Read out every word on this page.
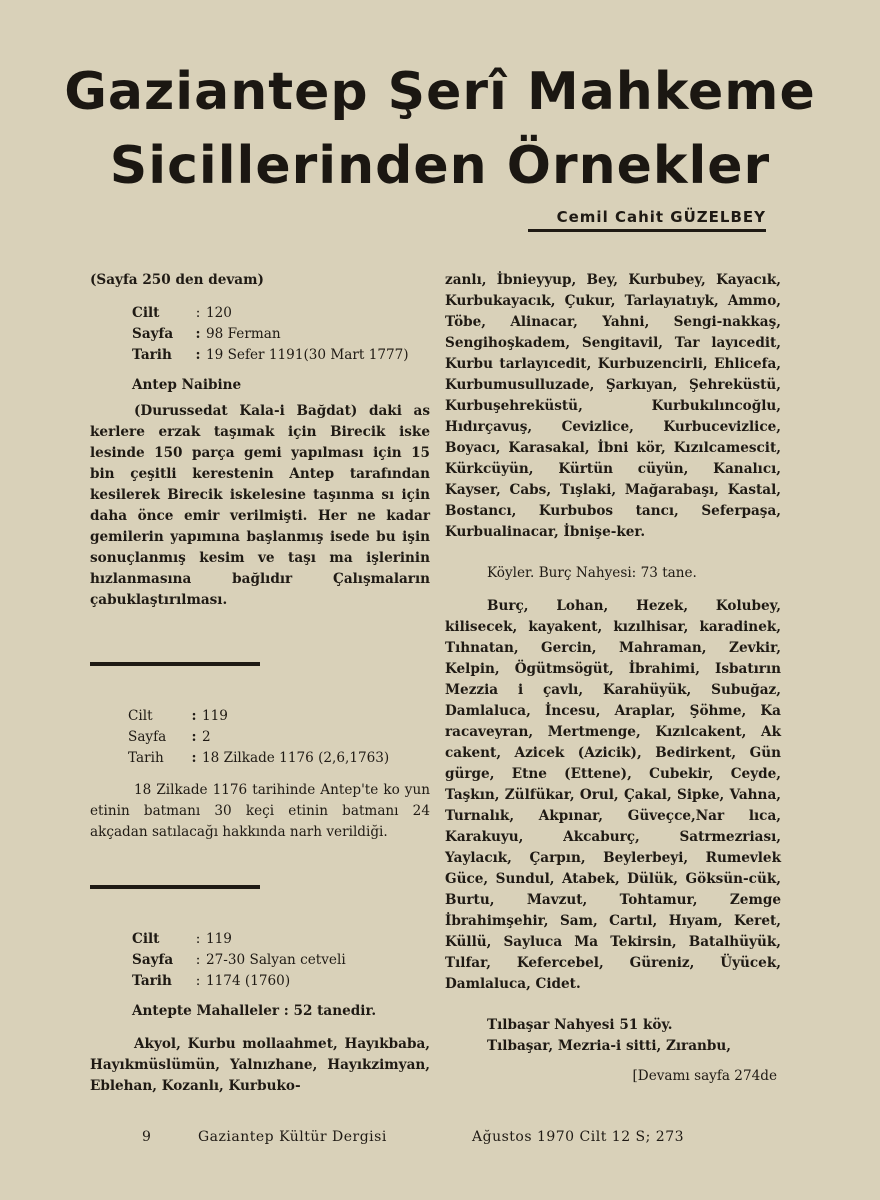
Gaziantep Şerî Mahkeme
Sicillerinden Örnekler
Cemil Cahit GÜZELBEY

(Sayfa 250 den devam)

Cilt	: 120
Sayfa	: 98 Ferman
Tarih	: 19 Sefer 1191(30 Mart 1777)

Antep Naibine

(Durussedat Kala-i Bağdat) daki as kerlere erzak taşımak için Birecik iske lesinde 150 parça gemi yapılması için 15 bin çeşitli kerestenin Antep tarafından kesilerek Birecik iskelesine taşınma sı için daha önce emir verilmişti. Her ne kadar gemilerin yapımına başlanmış isede bu işin sonuçlanmış kesim ve taşı ma işlerinin hızlanmasına bağlıdır Çalışmaların çabuklaştırılması.

Cilt	: 119
Sayfa	: 2
Tarih	: 18 Zilkade 1176 (2,6,1763)

18 Zilkade 1176 tarihinde Antep'te ko yun etinin batmanı 30 keçi etinin batmanı 24 akçadan satılacağı hakkında narh verildiği.

Cilt	: 119
Sayfa	: 27-30 Salyan cetveli
Tarih	: 1174 (1760)

Antepte Mahalleler : 52 tanedir.

Akyol, Kurbu mollaahmet, Hayıkbaba, Hayıkmüslümün, Yalnızhane, Hayıkzimyan, Eblehan, Kozanlı, Kurbuko-

zanlı, İbnieyyup, Bey, Kurbubey, Kayacık, Kurbukayacık, Çukur, Tarlayıatıyk, Ammo, Töbe, Alinacar, Yahni, Sengi-nakkaş, Sengihoşkadem, Sengitavil, Tar layıcedit, Kurbu tarlayıcedit, Kurbuzencirli, Ehlicefa, Kurbumusulluzade, Şarkıyan, Şehreküstü, Kurbuşehreküstü, Kurbukılıncoğlu, Hıdırçavuş, Cevizlice, Kurbucevizlice, Boyacı, Karasakal, İbni kör, Kızılcamescit, Kürkcüyün, Kürtün cüyün, Kanalıcı, Kayser, Cabs, Tışlaki, Mağarabaşı, Kastal, Bostancı, Kurbubos tancı, Seferpaşa, Kurbualinacar, İbnişe-ker.

Köyler. Burç Nahyesi: 73 tane.

Burç, Lohan, Hezek, Kolubey, kilisecek, kayakent, kızılhisar, karadinek, Tıhnatan, Gercin, Mahraman, Zevkir, Kelpin, Ögütmsögüt, İbrahimi, Isbatırın Mezzia i çavlı, Karahüyük, Subuğaz, Damlaluca, İncesu, Araplar, Şöhme, Ka racaveyran, Mertmenge, Kızılcakent, Ak cakent, Azicek (Azicik), Bedirkent, Gün gürge, Etne (Ettene), Cubekir, Ceyde, Taşkın, Zülfükar, Orul, Çakal, Sipke, Vahna, Turnalık, Akpınar, Güveçce,Nar lıca, Karakuyu, Akcaburç, Satrmezriası, Yaylacık, Çarpın, Beylerbeyi, Rumevlek Güce, Sundul, Atabek, Dülük, Göksün-cük, Burtu, Mavzut, Tohtamur, Zemge İbrahimşehir, Sam, Cartıl, Hıyam, Keret, Küllü, Sayluca Ma Tekirsin, Batalhüyük, Tılfar, Kefercebel, Güreniz, Üyücek, Damlaluca, Cidet.

Tılbaşar Nahyesi 51 köy.

Tılbaşar, Mezria-i sitti, Zıranbu,

[Devamı sayfa 274de

9	Gaziantep Kültür Dergisi	Ağustos 1970 Cilt 12 S; 273
